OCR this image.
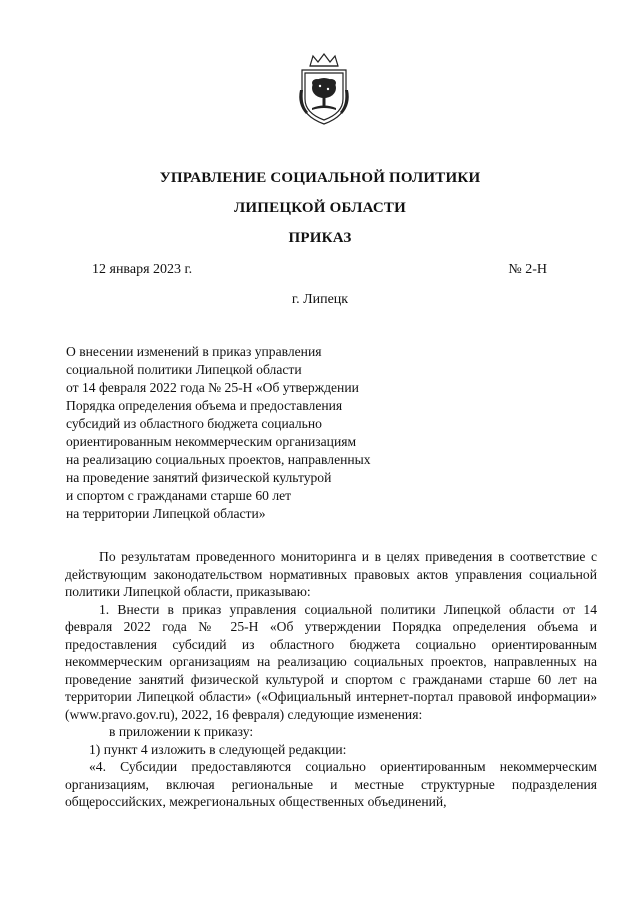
УПРАВЛЕНИЕ СОЦИАЛЬНОЙ ПОЛИТИКИ
ЛИПЕЦКОЙ ОБЛАСТИ
ПРИКАЗ
12 января 2023 г.	№ 2-Н
г. Липецк
О внесении изменений в приказ управления
социальной политики Липецкой области
от 14 февраля 2022 года № 25-Н «Об утверждении
Порядка определения объема и предоставления
субсидий из областного бюджета социально
ориентированным некоммерческим организациям
на реализацию социальных проектов, направленных
на проведение занятий физической культурой
и спортом с гражданами старше 60 лет
на территории Липецкой области»

По результатам проведенного мониторинга и в целях приведения в соответствие с действующим законодательством нормативных правовых актов управления социальной политики Липецкой области, приказываю:

1. Внести в приказ управления социальной политики Липецкой области от 14 февраля 2022 года № 25-Н «Об утверждении Порядка определения объема и предоставления субсидий из областного бюджета социально ориентированным некоммерческим организациям на реализацию социальных проектов, направленных на проведение занятий физической культурой и спортом с гражданами старше 60 лет на территории Липецкой области» («Официальный интернет-портал правовой информации» (www.pravo.gov.ru), 2022, 16 февраля) следующие изменения:

в приложении к приказу:

1) пункт 4 изложить в следующей редакции:

«4. Субсидии предоставляются социально ориентированным некоммерческим организациям, включая региональные и местные структурные подразделения общероссийских, межрегиональных общественных объединений,
